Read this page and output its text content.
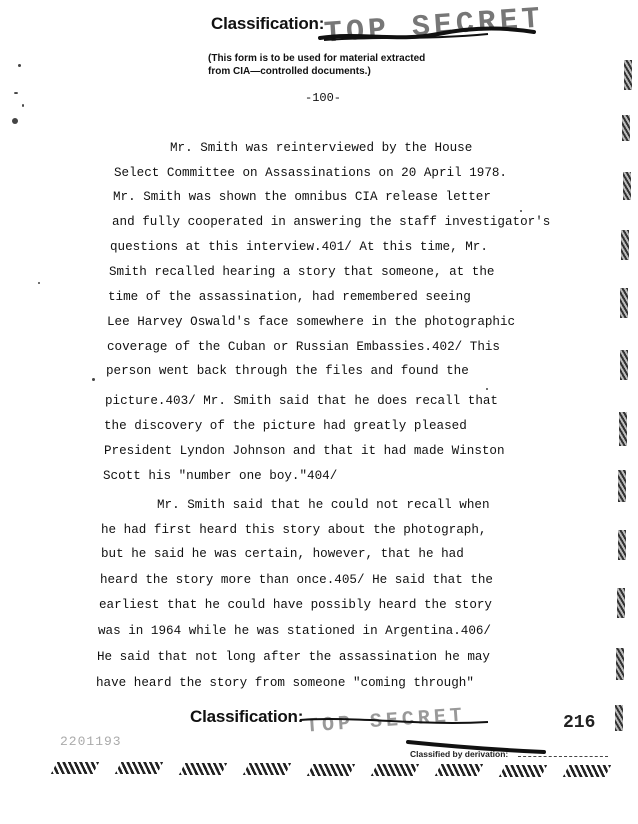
Classification:
TOP SECRET
(This form is to be used for material extracted
from CIA—controlled documents.)
-100-
Mr. Smith was reinterviewed by the House
Select Committee on Assassinations on 20 April 1978.
Mr. Smith was shown the omnibus CIA release letter
and fully cooperated in answering the staff investigator's
questions at this interview.401/ At this time, Mr.
Smith recalled hearing a story that someone, at the
time of the assassination, had remembered seeing
Lee Harvey Oswald's face somewhere in the photographic
coverage of the Cuban or Russian Embassies.402/ This
person went back through the files and found the
picture.403/ Mr. Smith said that he does recall that
the discovery of the picture had greatly pleased
President Lyndon Johnson and that it had made Winston
Scott his "number one boy."404/
Mr. Smith said that he could not recall when
he had first heard this story about the photograph,
but he said he was certain, however, that he had
heard the story more than once.405/ He said that the
earliest that he could have possibly heard the story
was in 1964 while he was stationed in Argentina.406/
He said that not long after the assassination he may
have heard the story from someone "coming through"
Classification: TOP SECRET	216
2201193
Classified by derivation:
